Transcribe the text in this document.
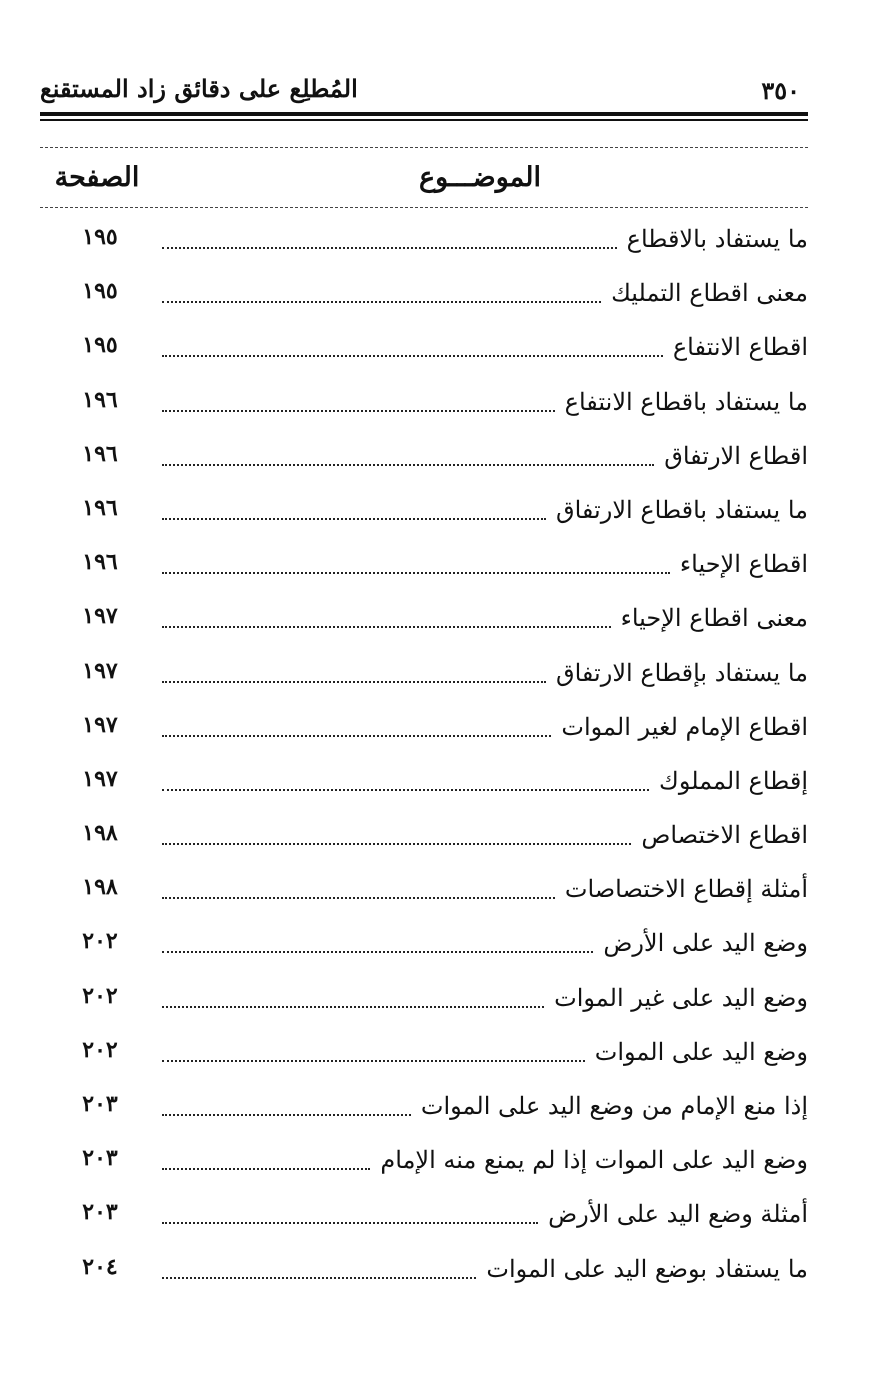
٣٥٠
المُطلِع على دقائق زاد المستقنع
الموضـــوع
الصفحة
١٩٥	ما يستفاد بالاقطاع
١٩٥	معنى اقطاع التمليك
١٩٥	اقطاع الانتفاع
١٩٦	ما يستفاد باقطاع الانتفاع
١٩٦	اقطاع الارتفاق
١٩٦	ما يستفاد باقطاع الارتفاق
١٩٦	اقطاع الإحياء
١٩٧	معنى اقطاع الإحياء
١٩٧	ما يستفاد بإقطاع الارتفاق
١٩٧	اقطاع الإمام لغير الموات
١٩٧	إقطاع المملوك
١٩٨	اقطاع الاختصاص
١٩٨	أمثلة إقطاع الاختصاصات
٢٠٢	وضع اليد على الأرض
٢٠٢	وضع اليد على غير الموات
٢٠٢	وضع اليد على الموات
٢٠٣	إذا منع الإمام من وضع اليد على الموات
٢٠٣	وضع اليد على الموات إذا لم يمنع منه الإمام
٢٠٣	أمثلة وضع اليد على الأرض
٢٠٤	ما يستفاد بوضع اليد على الموات
